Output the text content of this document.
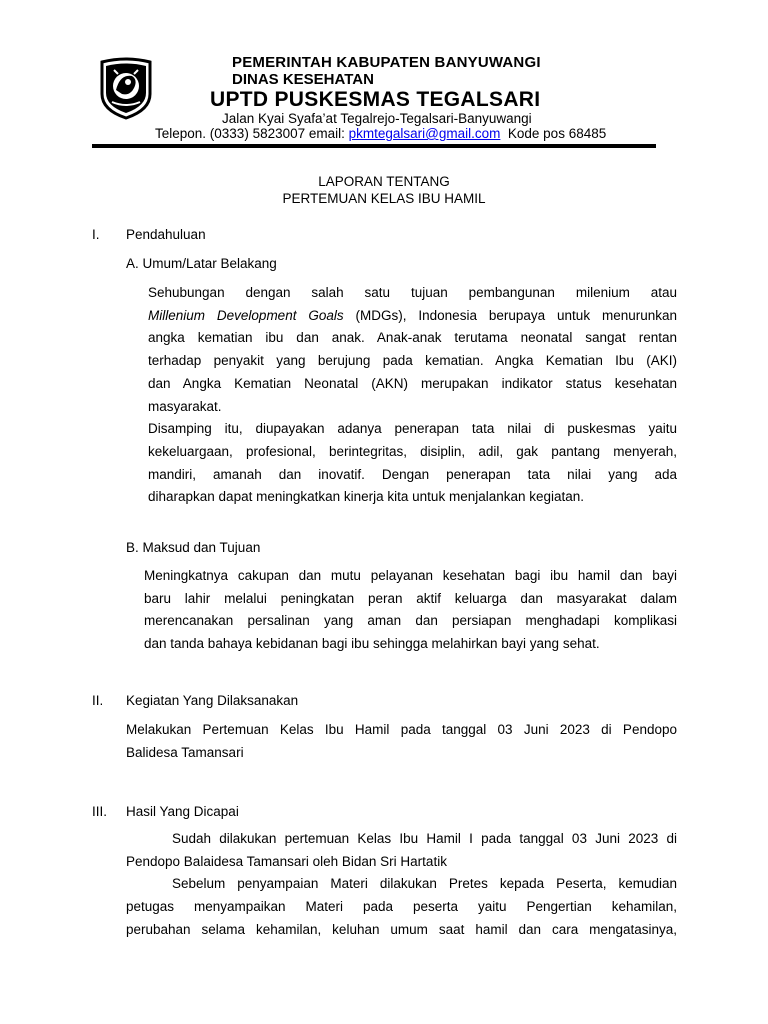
PEMERINTAH KABUPATEN BANYUWANGI
DINAS KESEHATAN
UPTD PUSKESMAS TEGALSARI
Jalan Kyai Syafa’at Tegalrejo-Tegalsari-Banyuwangi
Telepon. (0333) 5823007 email: pkmtegalsari@gmail.com  Kode pos 68485
LAPORAN TENTANG
PERTEMUAN KELAS IBU HAMIL
I. Pendahuluan
A. Umum/Latar Belakang
Sehubungan dengan salah satu tujuan pembangunan milenium atau
Millenium Development Goals (MDGs), Indonesia berupaya untuk menurunkan
angka kematian ibu dan anak. Anak-anak terutama neonatal sangat rentan
terhadap penyakit yang berujung pada kematian. Angka Kematian Ibu (AKI)
dan Angka Kematian Neonatal (AKN) merupakan indikator status kesehatan
masyarakat.
Disamping itu, diupayakan adanya penerapan tata nilai di puskesmas yaitu
kekeluargaan, profesional, berintegritas, disiplin, adil, gak pantang menyerah,
mandiri, amanah dan inovatif. Dengan penerapan tata nilai yang ada
diharapkan dapat meningkatkan kinerja kita untuk menjalankan kegiatan.
B. Maksud dan Tujuan
Meningkatnya cakupan dan mutu pelayanan kesehatan bagi ibu hamil dan bayi
baru lahir melalui peningkatan peran aktif keluarga dan masyarakat dalam
merencanakan persalinan yang aman dan persiapan menghadapi komplikasi
dan tanda bahaya kebidanan bagi ibu sehingga melahirkan bayi yang sehat.
II. Kegiatan Yang Dilaksanakan
Melakukan Pertemuan Kelas Ibu Hamil pada tanggal 03 Juni 2023 di Pendopo
Balidesa Tamansari
III. Hasil Yang Dicapai
Sudah dilakukan pertemuan Kelas Ibu Hamil I pada tanggal 03 Juni 2023 di
Pendopo Balaidesa Tamansari oleh Bidan Sri Hartatik
Sebelum penyampaian Materi dilakukan Pretes kepada Peserta, kemudian
petugas menyampaikan Materi pada peserta yaitu Pengertian kehamilan,
perubahan selama kehamilan, keluhan umum saat hamil dan cara mengatasinya,
